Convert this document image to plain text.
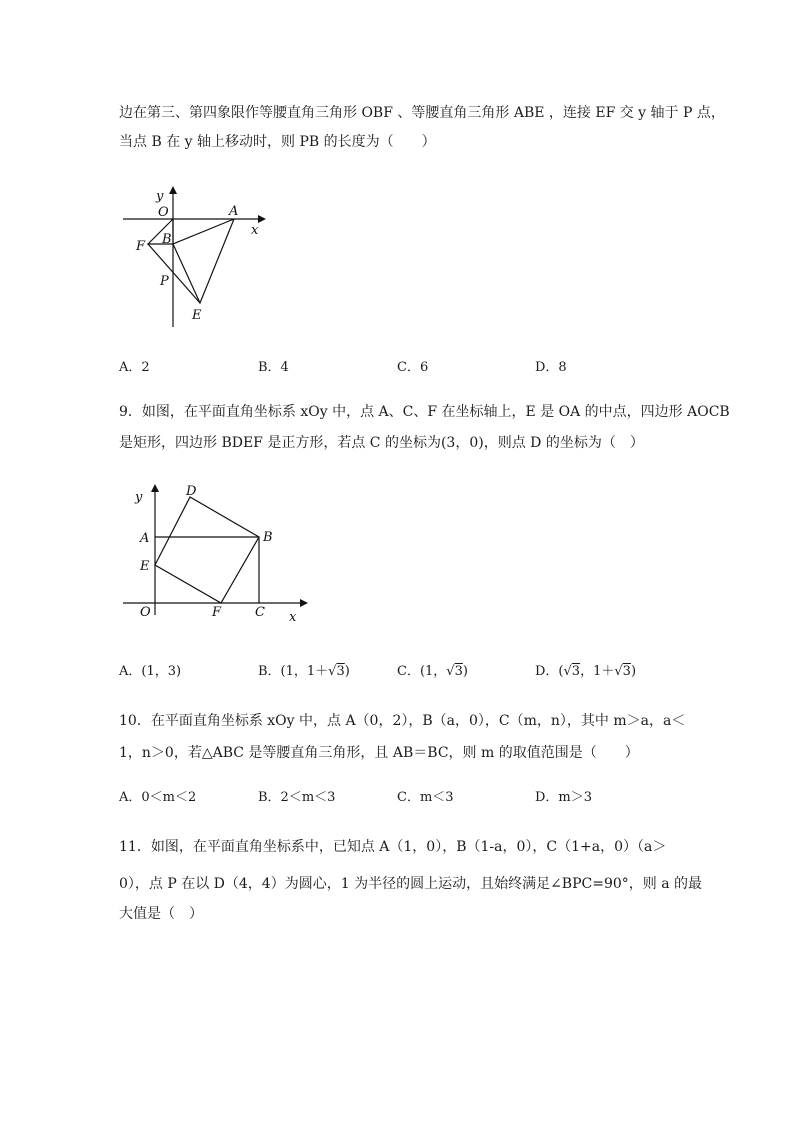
边在第三、第四象限作等腰直角三角形 OBF 、等腰直角三角形 ABE ，连接 EF 交 y 轴于 P 点，
当点 B 在 y 轴上移动时，则 PB 的长度为（　　）
y
x
O	A
B
F
P
E
A．2	B．4	C．6	D．8
9．如图，在平面直角坐标系 xOy 中，点 A、C、F 在坐标轴上，E 是 OA 的中点，四边形 AOCB
是矩形，四边形 BDEF 是正方形，若点 C 的坐标为(3，0)，则点 D 的坐标为（　）
y
x
D
A	B
E
O	F	C
A．(1，3)	B．(1，1＋√3)	C．(1，√3)	D．(√3，1＋√3)
10．在平面直角坐标系 xOy 中，点 A（0，2），B（a，0），C（m，n），其中 m＞a，a＜
1，n＞0，若△ABC 是等腰直角三角形，且 AB＝BC，则 m 的取值范围是（　　）
A．0＜m＜2	B．2＜m＜3	C．m＜3	D．m＞3
11．如图，在平面直角坐标系中，已知点 A（1，0），B（1-a，0），C（1+a，0）（a＞
0），点 P 在以 D（4，4）为圆心，1 为半径的圆上运动，且始终满足∠BPC=90°，则 a 的最
大值是（　）
